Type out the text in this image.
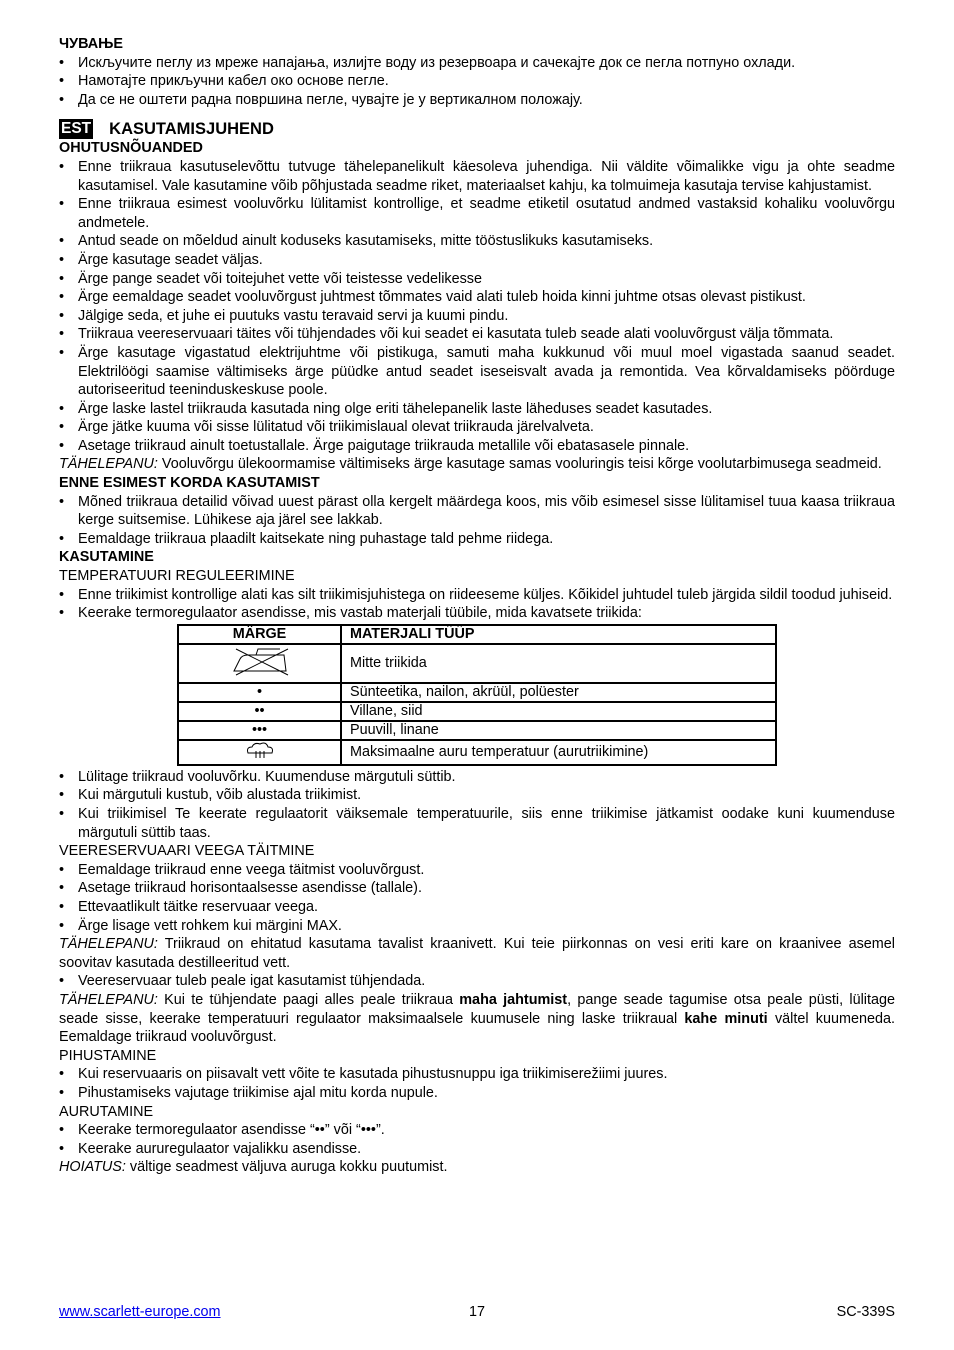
ЧУВАЊЕ
• Искључите пеглу из мреже напајања, излијте воду из резервоара и сачекајте док се пегла потпуно охлади.
• Намотајте прикључни кабел око основе пегле.
• Да се не оштети радна површина пегле, чувајте је у вертикалном положају.
EST KASUTAMISJUHEND
OHUTUSNÕUANDED
• Enne triikraua kasutuselevõttu tutvuge tähelepanelikult käesoleva juhendiga. Nii väldite võimalikke vigu ja ohte seadme kasutamisel. Vale kasutamine võib põhjustada seadme riket, materiaalset kahju, ka tolmuimeja kasutaja tervise kahjustamist.
• Enne triikraua esimest vooluvõrku lülitamist kontrollige, et seadme etiketil osutatud andmed vastaksid kohaliku vooluvõrgu andmetele.
• Antud seade on mõeldud ainult koduseks kasutamiseks, mitte tööstuslikuks kasutamiseks.
• Ärge kasutage seadet väljas.
• Ärge pange seadet või toitejuhet vette või teistesse vedelikesse
• Ärge eemaldage seadet vooluvõrgust juhtmest tõmmates vaid alati tuleb hoida kinni juhtme otsas olevast pistikust.
• Jälgige seda, et juhe ei puutuks vastu teravaid servi ja kuumi pindu.
• Triikraua veereservuaari täites või tühjendades või kui seadet ei kasutata tuleb seade alati vooluvõrgust välja tõmmata.
• Ärge kasutage vigastatud elektrijuhtme või pistikuga, samuti maha kukkunud või muul moel vigastada saanud seadet. Elektrilöögi saamise vältimiseks ärge püüdke antud seadet iseseisvalt avada ja remontida. Vea kõrvaldamiseks pöörduge autoriseeritud teeninduskeskuse poole.
• Ärge laske lastel triikrauda kasutada ning olge eriti tähelepanelik laste läheduses seadet kasutades.
• Ärge jätke kuuma või sisse lülitatud või triikimislaual olevat triikrauda järelvalveta.
• Asetage triikraud ainult toetustallale. Ärge paigutage triikrauda metallile või ebatasasele pinnale.
TÄHELEPANU: Vooluvõrgu ülekoormamise vältimiseks ärge kasutage samas vooluringis teisi kõrge voolutarbimusega seadmeid.
ENNE ESIMEST KORDA KASUTAMIST
• Mõned triikraua detailid võivad uuest pärast olla kergelt määrdega koos, mis võib esimesel sisse lülitamisel tuua kaasa triikraua kerge suitsemise. Lühikese aja järel see lakkab.
• Eemaldage triikraua plaadilt kaitsekate ning puhastage tald pehme riidega.
KASUTAMINE
TEMPERATUURI REGULEERIMINE
• Enne triikimist kontrollige alati kas silt triikimisjuhistega on riideeseme küljes. Kõikidel juhtudel tuleb järgida sildil toodud juhiseid.
• Keerake termoregulaator asendisse, mis vastab materjali tüübile, mida kavatsete triikida:
MÄRGE	MATERJALI TÜÜP
	Mitte triikida
•	Sünteetika, nailon, akrüül, polüester
••	Villane, siid
•••	Puuvill, linane
	Maksimaalne auru temperatuur (aurutriikimine)
• Lülitage triikraud vooluvõrku. Kuumenduse märgutuli süttib.
• Kui märgutuli kustub, võib alustada triikimist.
• Kui triikimisel Te keerate regulaatorit väiksemale temperatuurile, siis enne triikimise jätkamist oodake kuni kuumenduse märgutuli süttib taas.
VEERESERVUAARI VEEGA TÄITMINE
• Eemaldage triikraud enne veega täitmist vooluvõrgust.
• Asetage triikraud horisontaalsesse asendisse (tallale).
• Ettevaatlikult täitke reservuaar veega.
• Ärge lisage vett rohkem kui märgini MAX.
TÄHELEPANU: Triikraud on ehitatud kasutama tavalist kraanivett. Kui teie piirkonnas on vesi eriti kare on kraanivee asemel soovitav kasutada destilleeritud vett.
• Veereservuaar tuleb peale igat kasutamist tühjendada.
TÄHELEPANU: Kui te tühjendate paagi alles peale triikraua maha jahtumist, pange seade tagumise otsa peale püsti, lülitage seade sisse, keerake temperatuuri regulaator maksimaalsele kuumusele ning laske triikraual kahe minuti vältel kuumeneda. Eemaldage triikraud vooluvõrgust.
PIHUSTAMINE
• Kui reservuaaris on piisavalt vett võite te kasutada pihustusnuppu iga triikimiserežiimi juures.
• Pihustamiseks vajutage triikimise ajal mitu korda nupule.
AURUTAMINE
• Keerake termoregulaator asendisse “••” või “•••”.
• Keerake aururegulaator vajalikku asendisse.
HOIATUS: vältige seadmest väljuva auruga kokku puutumist.
www.scarlett-europe.com	17	SC-339S
